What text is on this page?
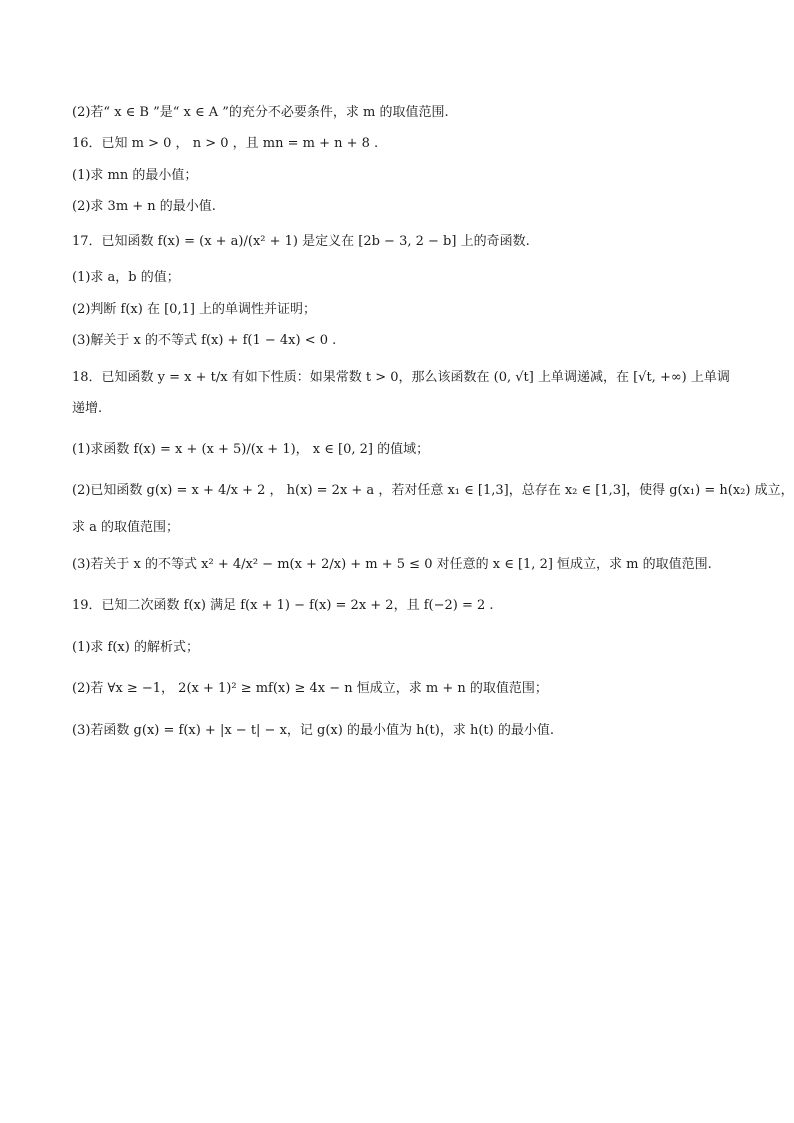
(2)若“ x ∈ B ”是“ x ∈ A ”的充分不必要条件，求 m 的取值范围.
16．已知 m > 0 ， n > 0 ，且 mn = m + n + 8 .
(1)求 mn 的最小值；
(2)求 3m + n 的最小值.
17．已知函数 f(x) = (x + a)/(x² + 1) 是定义在 [2b − 3, 2 − b] 上的奇函数.
(1)求 a，b 的值；
(2)判断 f(x) 在 [0,1] 上的单调性并证明；
(3)解关于 x 的不等式 f(x) + f(1 − 4x) < 0 .
18．已知函数 y = x + t/x 有如下性质：如果常数 t > 0，那么该函数在 (0, √t] 上单调递减，在 [√t, +∞) 上单调
递增.
(1)求函数 f(x) = x + (x + 5)/(x + 1)， x ∈ [0, 2] 的值域；
(2)已知函数 g(x) = x + 4/x + 2 ， h(x) = 2x + a ，若对任意 x₁ ∈ [1,3]，总存在 x₂ ∈ [1,3]，使得 g(x₁) = h(x₂) 成立，
求 a 的取值范围；
(3)若关于 x 的不等式 x² + 4/x² − m(x + 2/x) + m + 5 ≤ 0 对任意的 x ∈ [1, 2] 恒成立，求 m 的取值范围.
19．已知二次函数 f(x) 满足 f(x + 1) − f(x) = 2x + 2，且 f(−2) = 2 .
(1)求 f(x) 的解析式；
(2)若 ∀x ≥ −1， 2(x + 1)² ≥ mf(x) ≥ 4x − n 恒成立，求 m + n 的取值范围；
(3)若函数 g(x) = f(x) + |x − t| − x，记 g(x) 的最小值为 h(t)，求 h(t) 的最小值.
